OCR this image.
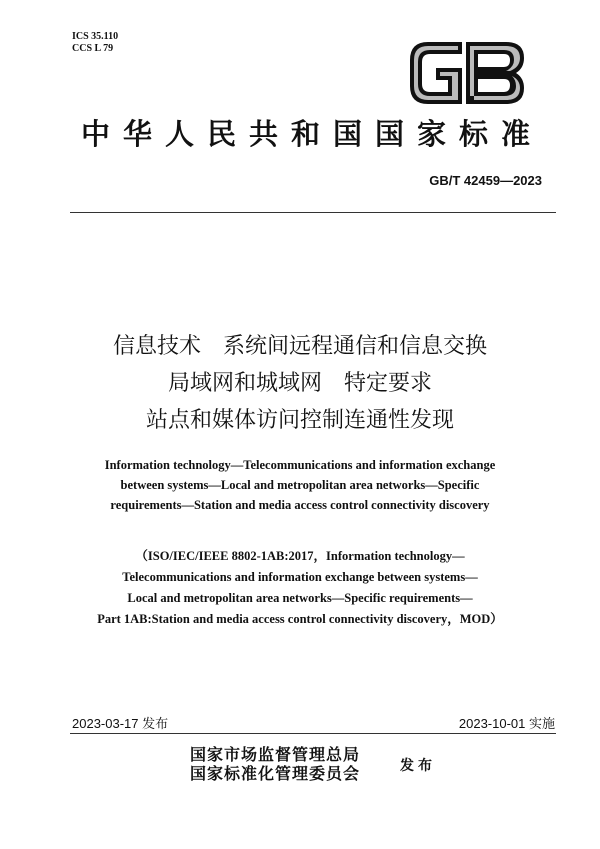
ICS 35.110
CCS L 79
中华人民共和国国家标准
GB/T 42459—2023
信息技术　系统间远程通信和信息交换
局域网和城域网　特定要求
站点和媒体访问控制连通性发现
Information technology—Telecommunications and information exchange
between systems—Local and metropolitan area networks—Specific
requirements—Station and media access control connectivity discovery
（ISO/IEC/IEEE 8802-1AB:2017，Information technology—
Telecommunications and information exchange between systems—
Local and metropolitan area networks—Specific requirements—
Part 1AB:Station and media access control connectivity discovery，MOD）
2023-03-17 发布	2023-10-01 实施
国家市场监督管理总局
国家标准化管理委员会	发布
